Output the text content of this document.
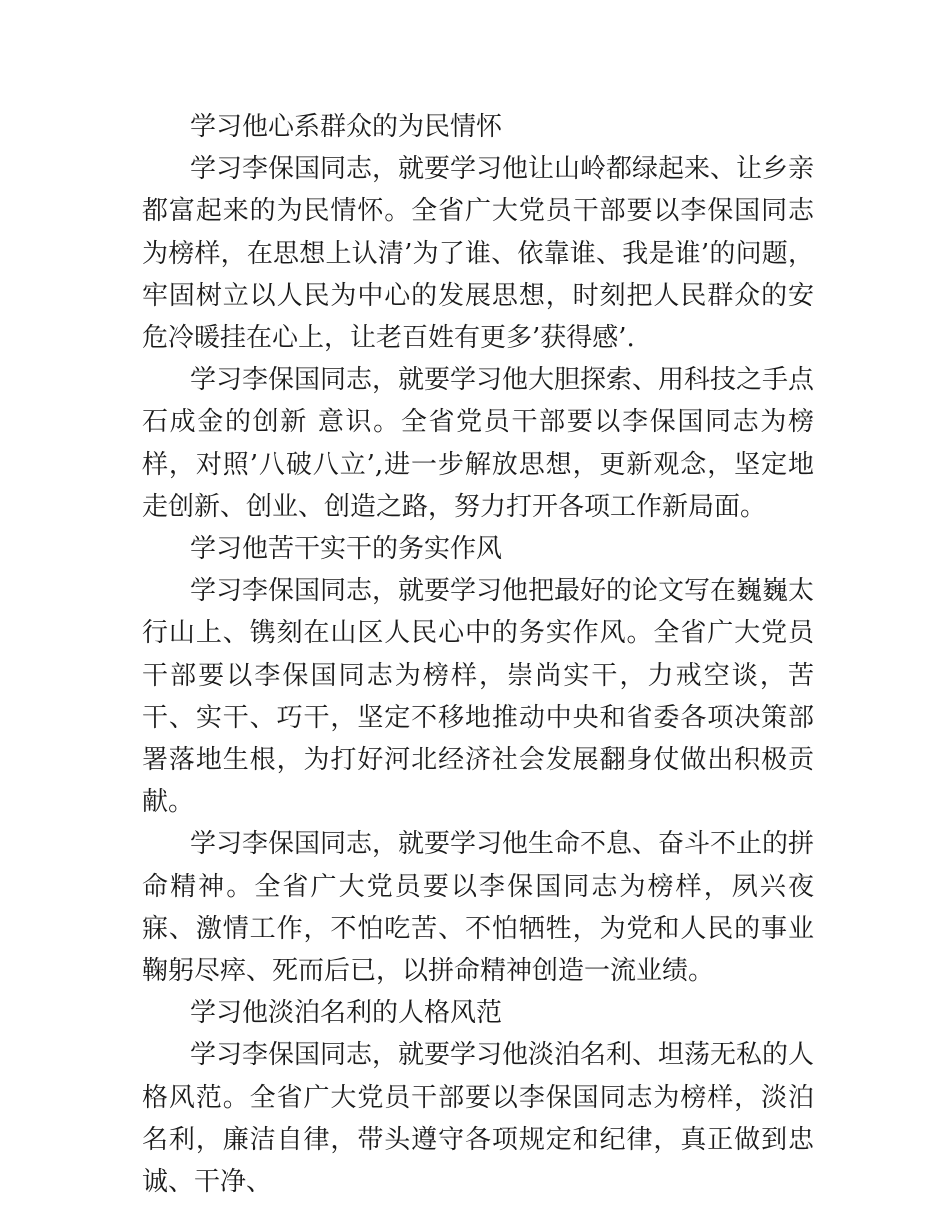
学习他心系群众的为民情怀

学习李保国同志，就要学习他让山岭都绿起来、让乡亲都富起来的为民情怀。全省广大党员干部要以李保国同志为榜样，在思想上认清’为了谁、依靠谁、我是谁’的问题，牢固树立以人民为中心的发展思想，时刻把人民群众的安危冷暖挂在心上，让老百姓有更多’获得感’.

学习李保国同志，就要学习他大胆探索、用科技之手点石成金的创新 意识。全省党员干部要以李保国同志为榜样，对照’八破八立’,进一步解放思想，更新观念，坚定地走创新、创业、创造之路，努力打开各项工作新局面。

学习他苦干实干的务实作风

学习李保国同志，就要学习他把最好的论文写在巍巍太行山上、镌刻在山区人民心中的务实作风。全省广大党员干部要以李保国同志为榜样，崇尚实干，力戒空谈，苦干、实干、巧干，坚定不移地推动中央和省委各项决策部署落地生根，为打好河北经济社会发展翻身仗做出积极贡献。

学习李保国同志，就要学习他生命不息、奋斗不止的拼命精神。全省广大党员要以李保国同志为榜样，夙兴夜寐、激情工作，不怕吃苦、不怕牺牲，为党和人民的事业鞠躬尽瘁、死而后已，以拼命精神创造一流业绩。

学习他淡泊名利的人格风范

学习李保国同志，就要学习他淡泊名利、坦荡无私的人格风范。全省广大党员干部要以李保国同志为榜样，淡泊名利，廉洁自律，带头遵守各项规定和纪律，真正做到忠诚、干净、
